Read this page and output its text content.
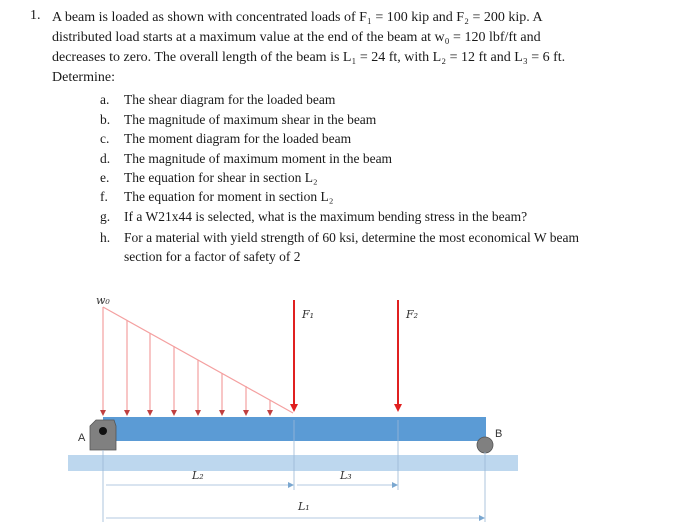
1. A beam is loaded as shown with concentrated loads of F₁ = 100 kip and F₂ = 200 kip. A
distributed load starts at a maximum value at the end of the beam at w₀ = 120 lbf/ft and
decreases to zero. The overall length of the beam is L₁ = 24 ft, with L₂ = 12 ft and L₃ = 6 ft.
Determine:
a. The shear diagram for the loaded beam
b. The magnitude of maximum shear in the beam
c. The moment diagram for the loaded beam
d. The magnitude of maximum moment in the beam
e. The equation for shear in section L₂
f. The equation for moment in section L₂
g. If a W21x44 is selected, what is the maximum bending stress in the beam?
h. For a material with yield strength of 60 ksi, determine the most economical W beam
section for a factor of safety of 2
w₀
F₁	F₂
A	B
L₂	L₃
L₁
